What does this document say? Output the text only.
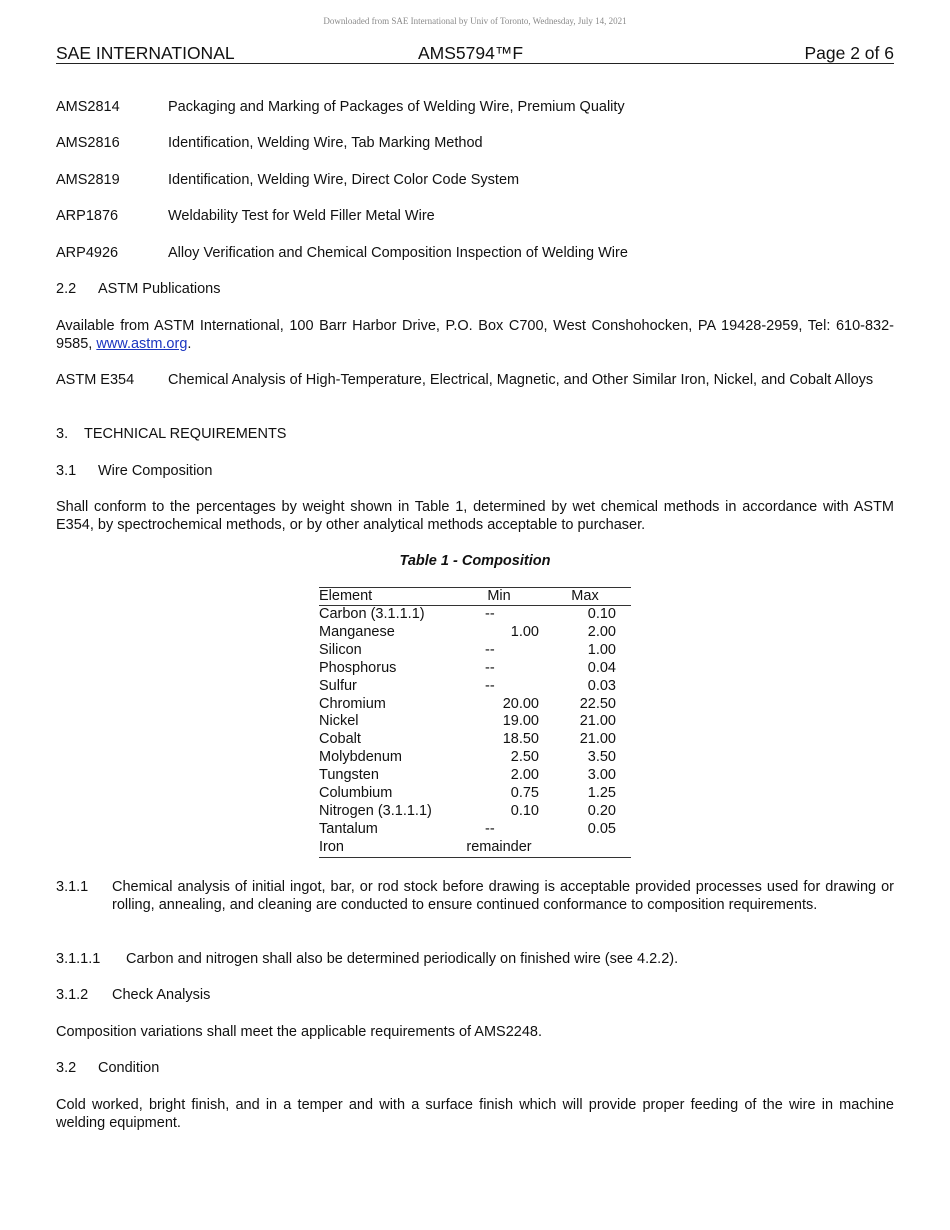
Downloaded from SAE International by Univ of Toronto, Wednesday, July 14, 2021
SAE INTERNATIONAL	AMS5794™F	Page 2 of 6
AMS2814	Packaging and Marking of Packages of Welding Wire, Premium Quality
AMS2816	Identification, Welding Wire, Tab Marking Method
AMS2819	Identification, Welding Wire, Direct Color Code System
ARP1876	Weldability Test for Weld Filler Metal Wire
ARP4926	Alloy Verification and Chemical Composition Inspection of Welding Wire
2.2 ASTM Publications
Available from ASTM International, 100 Barr Harbor Drive, P.O. Box C700, West Conshohocken, PA 19428-2959, Tel: 610-832-9585, www.astm.org.
ASTM E354 Chemical Analysis of High-Temperature, Electrical, Magnetic, and Other Similar Iron, Nickel, and Cobalt Alloys
3. TECHNICAL REQUIREMENTS
3.1 Wire Composition
Shall conform to the percentages by weight shown in Table 1, determined by wet chemical methods in accordance with ASTM E354, by spectrochemical methods, or by other analytical methods acceptable to purchaser.
Table 1 - Composition
Element	Min	Max
Carbon (3.1.1.1)	--	0.10
Manganese	1.00	2.00
Silicon	--	1.00
Phosphorus	--	0.04
Sulfur	--	0.03
Chromium	20.00	22.50
Nickel	19.00	21.00
Cobalt	18.50	21.00
Molybdenum	2.50	3.50
Tungsten	2.00	3.00
Columbium	0.75	1.25
Nitrogen (3.1.1.1)	0.10	0.20
Tantalum	--	0.05
Iron	remainder	
3.1.1 Chemical analysis of initial ingot, bar, or rod stock before drawing is acceptable provided processes used for drawing or rolling, annealing, and cleaning are conducted to ensure continued conformance to composition requirements.
3.1.1.1 Carbon and nitrogen shall also be determined periodically on finished wire (see 4.2.2).
3.1.2 Check Analysis
Composition variations shall meet the applicable requirements of AMS2248.
3.2 Condition
Cold worked, bright finish, and in a temper and with a surface finish which will provide proper feeding of the wire in machine welding equipment.
